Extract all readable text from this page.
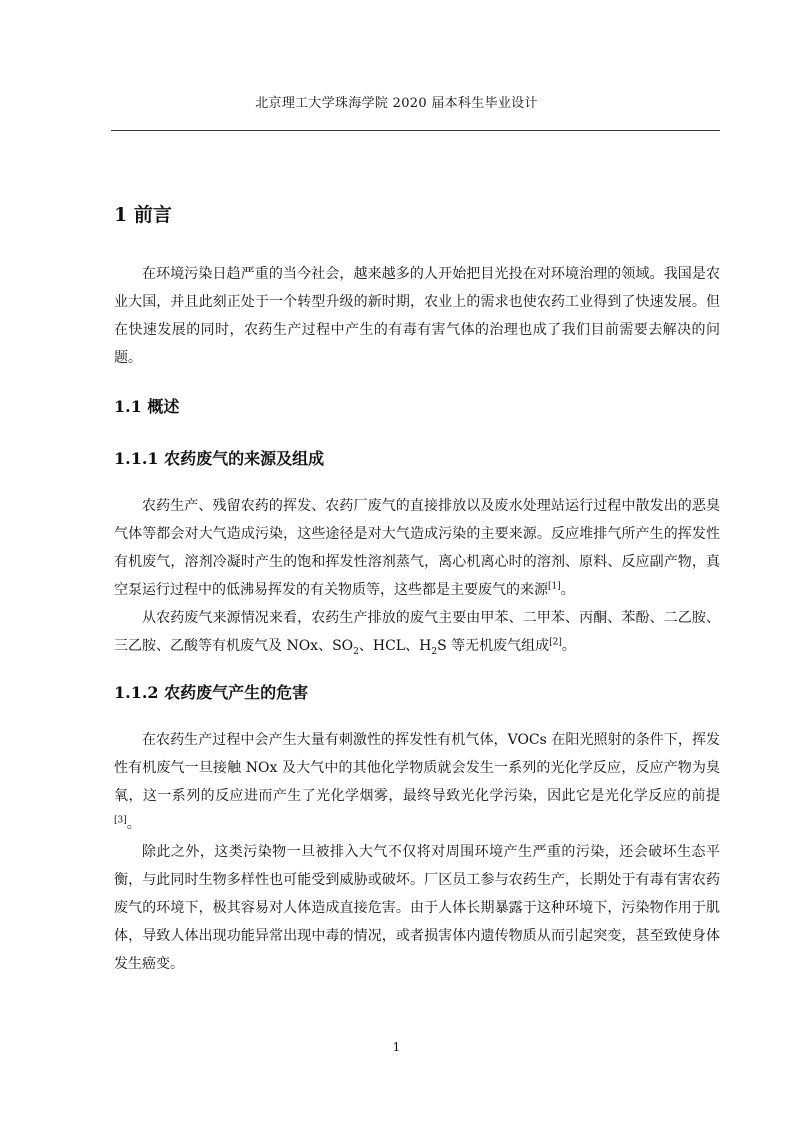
北京理工大学珠海学院 2020 届本科生毕业设计
1 前言

在环境污染日趋严重的当今社会，越来越多的人开始把目光投在对环境治理的领域。我国是农业大国，并且此刻正处于一个转型升级的新时期，农业上的需求也使农药工业得到了快速发展。但在快速发展的同时，农药生产过程中产生的有毒有害气体的治理也成了我们目前需要去解决的问题。

1.1 概述
1.1.1 农药废气的来源及组成

农药生产、残留农药的挥发、农药厂废气的直接排放以及废水处理站运行过程中散发出的恶臭气体等都会对大气造成污染，这些途径是对大气造成污染的主要来源。反应堆排气所产生的挥发性有机废气，溶剂冷凝时产生的饱和挥发性溶剂蒸气，离心机离心时的溶剂、原料、反应副产物，真空泵运行过程中的低沸易挥发的有关物质等，这些都是主要废气的来源[1]。

从农药废气来源情况来看，农药生产排放的废气主要由甲苯、二甲苯、丙酮、苯酚、二乙胺、三乙胺、乙酸等有机废气及 NOx、$SO_2$、HCL、$H_2S$ 等无机废气组成[2]。

1.1.2 农药废气产生的危害

在农药生产过程中会产生大量有刺激性的挥发性有机气体，VOCs 在阳光照射的条件下，挥发性有机废气一旦接触 NOx 及大气中的其他化学物质就会发生一系列的光化学反应，反应产物为臭氧，这一系列的反应进而产生了光化学烟雾，最终导致光化学污染，因此它是光化学反应的前提 [3]。

除此之外，这类污染物一旦被排入大气不仅将对周围环境产生严重的污染，还会破坏生态平衡，与此同时生物多样性也可能受到威胁或破坏。厂区员工参与农药生产，长期处于有毒有害农药废气的环境下，极其容易对人体造成直接危害。由于人体长期暴露于这种环境下，污染物作用于肌体，导致人体出现功能异常出现中毒的情况，或者损害体内遗传物质从而引起突变，甚至致使身体发生癌变。

1
